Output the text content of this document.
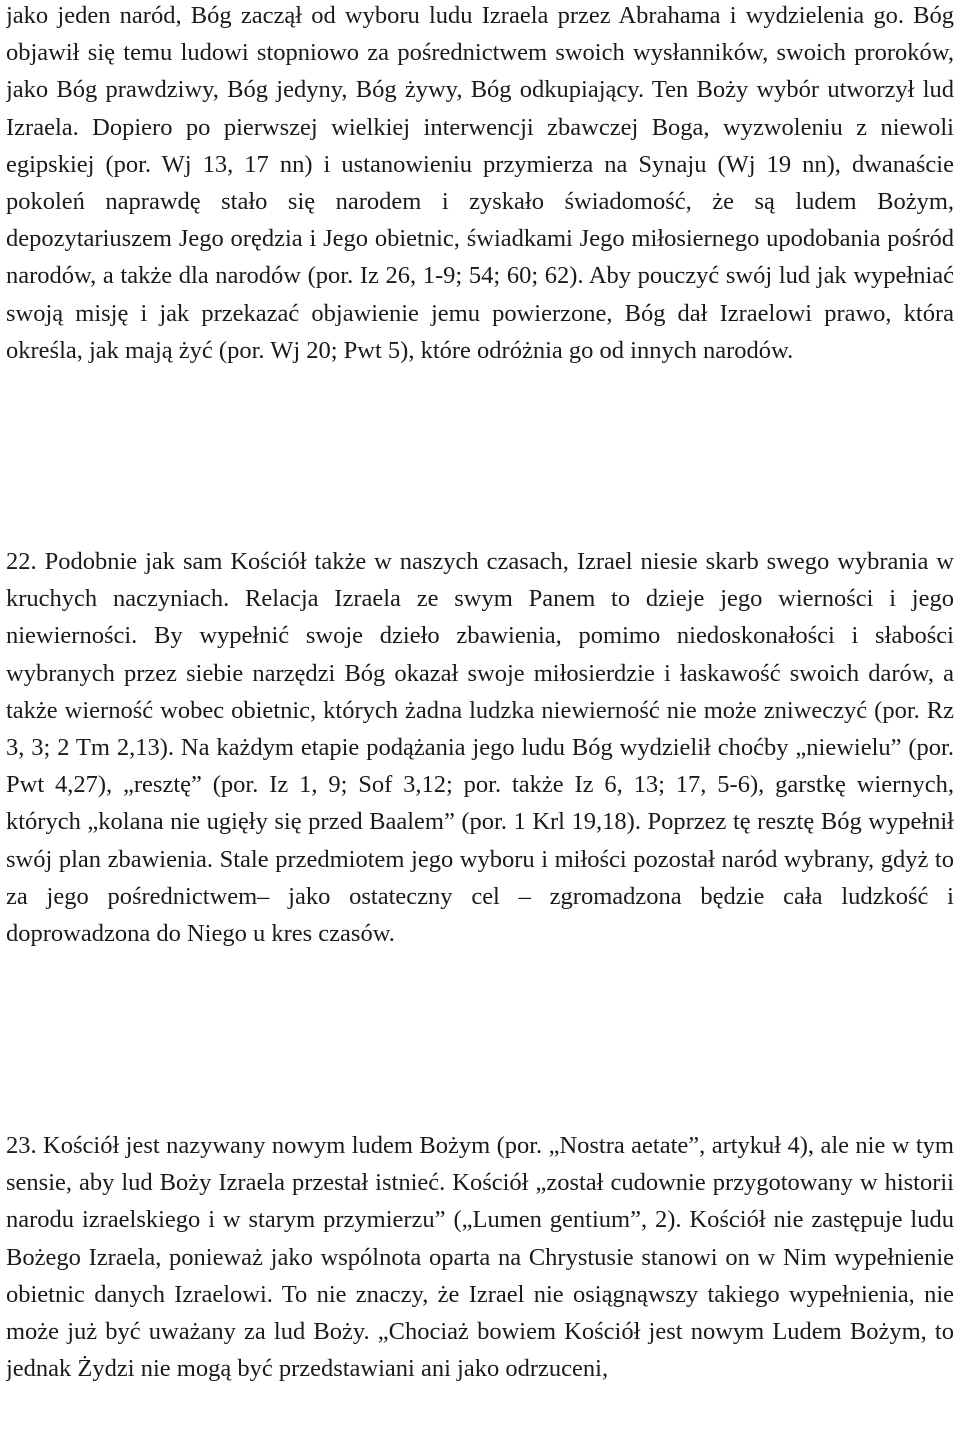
jako jeden naród, Bóg zaczął od wyboru ludu Izraela przez Abrahama i wydzielenia go. Bóg objawił się temu ludowi stopniowo za pośrednictwem swoich wysłanników, swoich proroków, jako Bóg prawdziwy, Bóg jedyny, Bóg żywy, Bóg odkupiający. Ten Boży wybór utworzył lud Izraela. Dopiero po pierwszej wielkiej interwencji zbawczej Boga, wyzwoleniu z niewoli egipskiej (por. Wj 13, 17 nn) i ustanowieniu przymierza na Synaju (Wj 19 nn), dwanaście pokoleń naprawdę stało się narodem i zyskało świadomość, że są ludem Bożym, depozytariuszem Jego orędzia i Jego obietnic, świadkami Jego miłosiernego upodobania pośród narodów, a także dla narodów (por. Iz 26, 1-9; 54; 60; 62). Aby pouczyć swój lud jak wypełniać swoją misję i jak przekazać objawienie jemu powierzone, Bóg dał Izraelowi prawo, która określa, jak mają żyć (por. Wj 20; Pwt 5), które odróżnia go od innych narodów.

22. Podobnie jak sam Kościół także w naszych czasach, Izrael niesie skarb swego wybrania w kruchych naczyniach. Relacja Izraela ze swym Panem to dzieje jego wierności i jego niewierności. By wypełnić swoje dzieło zbawienia, pomimo niedoskonałości i słabości wybranych przez siebie narzędzi Bóg okazał swoje miłosierdzie i łaskawość swoich darów, a także wierność wobec obietnic, których żadna ludzka niewierność nie może zniweczyć (por. Rz 3, 3; 2 Tm 2,13). Na każdym etapie podążania jego ludu Bóg wydzielił choćby „niewielu” (por. Pwt 4,27), „resztę” (por. Iz 1, 9; Sof 3,12; por. także Iz 6, 13; 17, 5-6), garstkę wiernych, których „kolana nie ugięły się przed Baalem” (por. 1 Krl 19,18). Poprzez tę resztę Bóg wypełnił swój plan zbawienia. Stale przedmiotem jego wyboru i miłości pozostał naród wybrany, gdyż to za jego pośrednictwem– jako ostateczny cel – zgromadzona będzie cała ludzkość i doprowadzona do Niego u kres czasów.

23. Kościół jest nazywany nowym ludem Bożym (por. „Nostra aetate”, artykuł 4), ale nie w tym sensie, aby lud Boży Izraela przestał istnieć. Kościół „został cudownie przygotowany w historii narodu izraelskiego i w starym przymierzu” („Lumen gentium”, 2). Kościół nie zastępuje ludu Bożego Izraela, ponieważ jako wspólnota oparta na Chrystusie stanowi on w Nim wypełnienie obietnic danych Izraelowi. To nie znaczy, że Izrael nie osiągnąwszy takiego wypełnienia, nie może już być uważany za lud Boży. „Chociaż bowiem Kościół jest nowym Ludem Bożym, to jednak Żydzi nie mogą być przedstawiani ani jako odrzuceni,
